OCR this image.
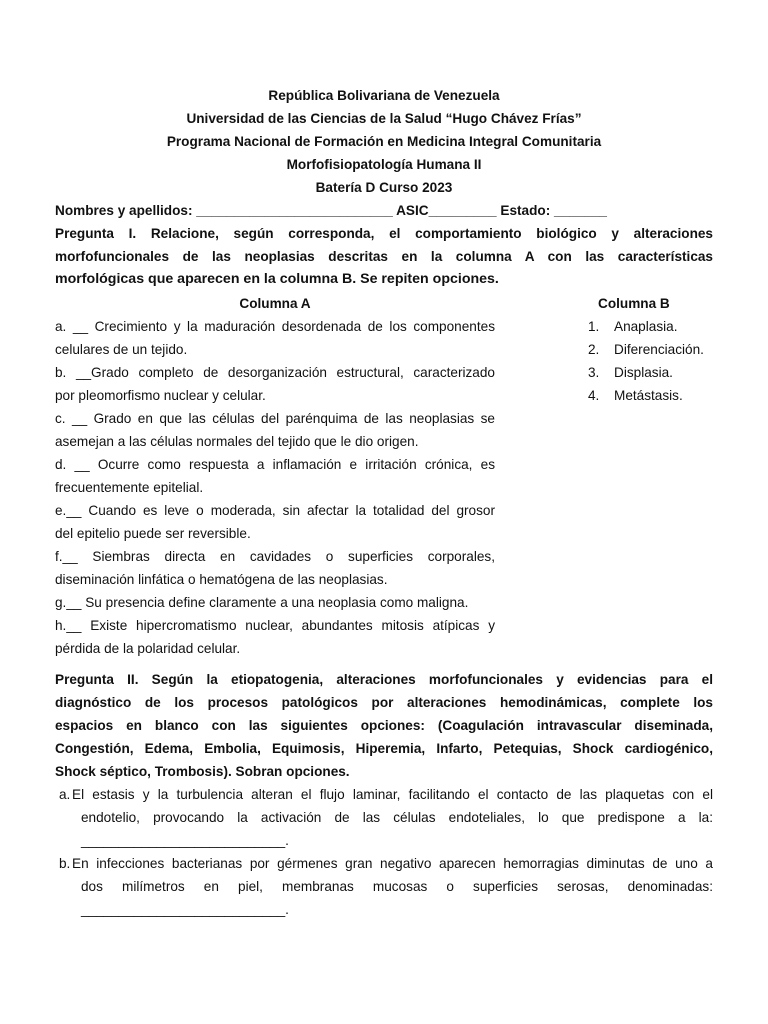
República Bolivariana de Venezuela
Universidad de las Ciencias de la Salud “Hugo Chávez Frías”
Programa Nacional de Formación en Medicina Integral Comunitaria
Morfofisiopatología Humana II
Batería D Curso 2023
Nombres y apellidos: __________________________ ASIC_________ Estado: _______
Pregunta I. Relacione, según corresponda, el comportamiento biológico y alteraciones
morfofuncionales de las neoplasias descritas en la columna A con las características
morfológicas que aparecen en la columna B. Se repiten opciones.
Columna A
a. __ Crecimiento y la maduración desordenada de los componentes
celulares de un tejido.
b. __Grado completo de desorganización estructural, caracterizado
por pleomorfismo nuclear y celular.
c. __ Grado en que las células del parénquima de las neoplasias se
asemejan a las células normales del tejido que le dio origen.
d. __ Ocurre como respuesta a inflamación e irritación crónica, es
frecuentemente epitelial.
e.__ Cuando es leve o moderada, sin afectar la totalidad del grosor
del epitelio puede ser reversible.
f.__ Siembras directa en cavidades o superficies corporales,
diseminación linfática o hematógena de las neoplasias.
g.__ Su presencia define claramente a una neoplasia como maligna.
h.__ Existe hipercromatismo nuclear, abundantes mitosis atípicas y
pérdida de la polaridad celular.
Columna B
1. Anaplasia.
2. Diferenciación.
3. Displasia.
4. Metástasis.
Pregunta II. Según la etiopatogenia, alteraciones morfofuncionales y evidencias para el
diagnóstico de los procesos patológicos por alteraciones hemodinámicas, complete los
espacios en blanco con las siguientes opciones: (Coagulación intravascular diseminada,
Congestión, Edema, Embolia, Equimosis, Hiperemia, Infarto, Petequias, Shock cardiogénico,
Shock séptico, Trombosis). Sobran opciones.
a. El estasis y la turbulencia alteran el flujo laminar, facilitando el contacto de las plaquetas con el
endotelio, provocando la activación de las células endoteliales, lo que predispone a la:
___________________________.
b. En infecciones bacterianas por gérmenes gran negativo aparecen hemorragias diminutas de uno a
dos milímetros en piel, membranas mucosas o superficies serosas, denominadas:
___________________________.
